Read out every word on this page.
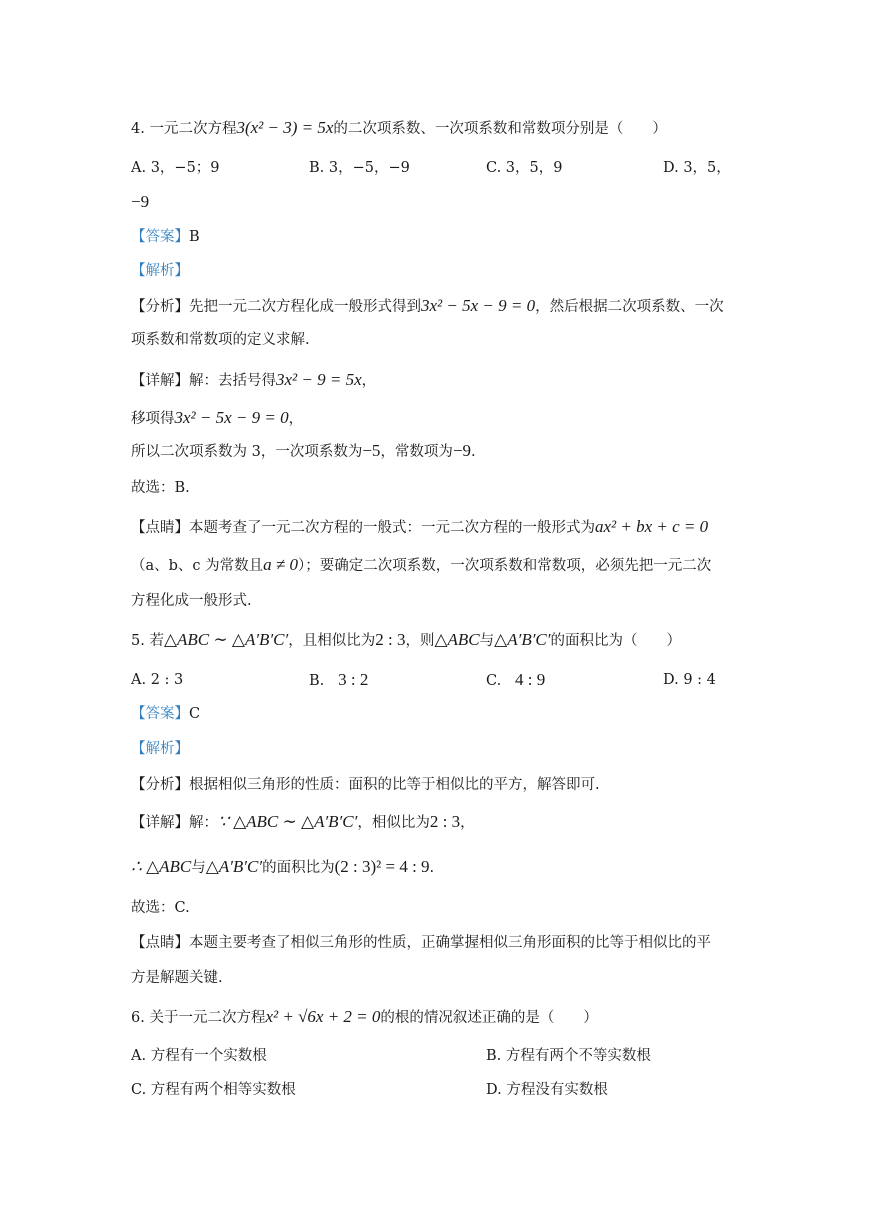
4. 一元二次方程3(x² − 3) = 5x的二次项系数、一次项系数和常数项分别是（　　）
A. 3，−5；9	B. 3，−5，−9	C. 3，5，9	D. 3，5，
−9
【答案】B
【解析】
【分析】先把一元二次方程化成一般形式得到3x² − 5x − 9 = 0，然后根据二次项系数、一次
项系数和常数项的定义求解.
【详解】解：去括号得3x² − 9 = 5x，
移项得3x² − 5x − 9 = 0，
所以二次项系数为 3，一次项系数为−5，常数项为−9.
故选：B.
【点睛】本题考查了一元二次方程的一般式：一元二次方程的一般形式为ax² + bx + c = 0
（a、b、c 为常数且a ≠ 0）；要确定二次项系数，一次项系数和常数项，必须先把一元二次
方程化成一般形式.
5. 若△ABC ∼ △A′B′C′，且相似比为2 : 3，则△ABC与△A′B′C′的面积比为（　　）
A. 2 : 3	B. 3 : 2	C. 4 : 9	D. 9 : 4
【答案】C
【解析】
【分析】根据相似三角形的性质：面积的比等于相似比的平方，解答即可.
【详解】解：∵ △ABC ∼ △A′B′C′，相似比为2 : 3，
∴ △ABC与△A′B′C′的面积比为(2 : 3)² = 4 : 9.
故选：C.
【点睛】本题主要考查了相似三角形的性质，正确掌握相似三角形面积的比等于相似比的平
方是解题关键.
6. 关于一元二次方程x² + √6x + 2 = 0的根的情况叙述正确的是（　　）
A. 方程有一个实数根	B. 方程有两个不等实数根
C. 方程有两个相等实数根	D. 方程没有实数根
